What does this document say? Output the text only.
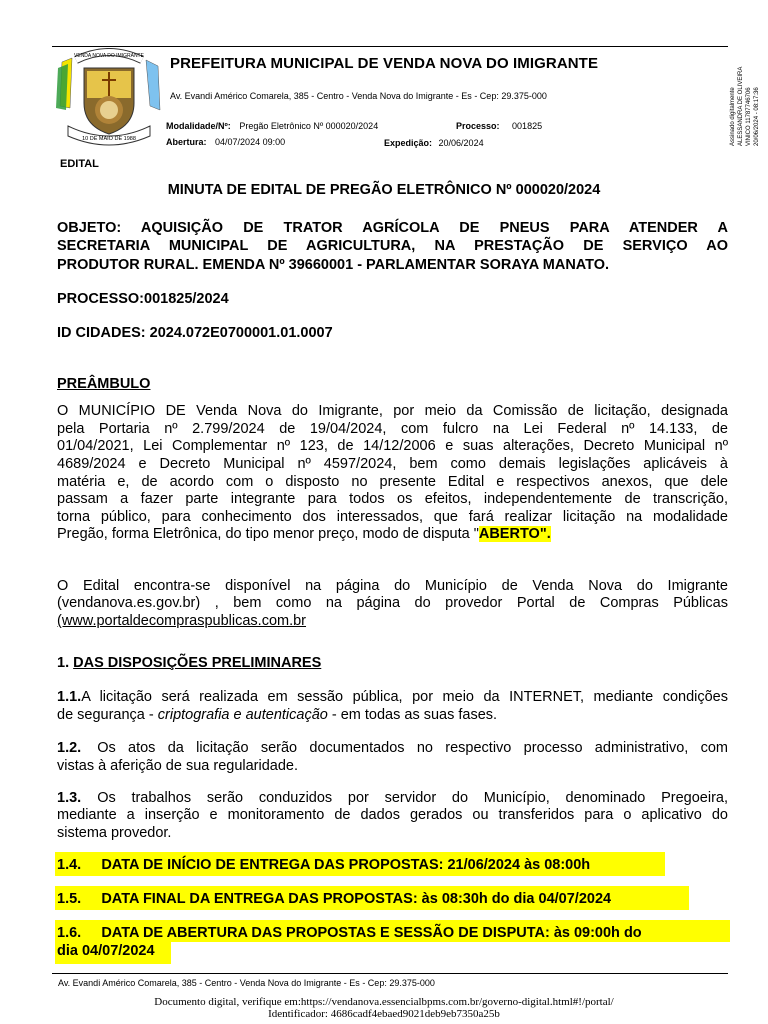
VENDA NOVA DO IMIGRANTE
10 DE MAIO DE 1988
PREFEITURA MUNICIPAL DE VENDA NOVA DO IMIGRANTE
Av. Evandi Américo Comarela, 385 - Centro - Venda Nova do Imigrante - Es - Cep: 29.375-000
Modalidade/Nº: Pregão Eletrônico Nº 000020/2024	Processo: 001825
Abertura: 04/07/2024 09:00	Expedição: 20/06/2024	Assinado digitalmente ALESSANDRA DE OLIVEIRA VINICO 11787746706 20/06/2024 - 08:17:36
EDITAL
MINUTA DE EDITAL DE PREGÃO ELETRÔNICO Nº 000020/2024
OBJETO: AQUISIÇÃO DE TRATOR AGRÍCOLA DE PNEUS PARA ATENDER A
SECRETARIA MUNICIPAL DE AGRICULTURA, NA PRESTAÇÃO DE SERVIÇO AO
PRODUTOR RURAL. EMENDA Nº 39660001 - PARLAMENTAR SORAYA MANATO.
PROCESSO:001825/2024
ID CIDADES: 2024.072E0700001.01.0007
PREÂMBULO
O MUNICÍPIO DE Venda Nova do Imigrante, por meio da Comissão de licitação, designada
pela Portaria nº 2.799/2024 de 19/04/2024, com fulcro na Lei Federal nº 14.133, de
01/04/2021, Lei Complementar nº 123, de 14/12/2006 e suas alterações, Decreto Municipal nº
4689/2024 e Decreto Municipal nº 4597/2024, bem como demais legislações aplicáveis à
matéria e, de acordo com o disposto no presente Edital e respectivos anexos, que dele
passam a fazer parte integrante para todos os efeitos, independentemente de transcrição,
torna público, para conhecimento dos interessados, que fará realizar licitação na modalidade
Pregão, forma Eletrônica, do tipo menor preço, modo de disputa "ABERTO".
O Edital encontra-se disponível na página do Município de Venda Nova do Imigrante
(vendanova.es.gov.br) , bem como na página do provedor Portal de Compras Públicas
(www.portaldecompraspublicas.com.br
1. DAS DISPOSIÇÕES PRELIMINARES
1.1.A licitação será realizada em sessão pública, por meio da INTERNET, mediante condições
de segurança - criptografia e autenticação - em todas as suas fases.
1.2. Os atos da licitação serão documentados no respectivo processo administrativo, com
vistas à aferição de sua regularidade.
1.3. Os trabalhos serão conduzidos por servidor do Município, denominado Pregoeira,
mediante a inserção e monitoramento de dados gerados ou transferidos para o aplicativo do
sistema provedor.
1.4.     DATA DE INÍCIO DE ENTREGA DAS PROPOSTAS: 21/06/2024 às 08:00h
1.5.     DATA FINAL DA ENTREGA DAS PROPOSTAS: às 08:30h do dia 04/07/2024
1.6.     DATA DE ABERTURA DAS PROPOSTAS E SESSÃO DE DISPUTA: às 09:00h do
dia 04/07/2024
Av. Evandi Américo Comarela, 385 - Centro - Venda Nova do Imigrante - Es - Cep: 29.375-000
Documento digital, verifique em:https://vendanova.essencialbpms.com.br/governo-digital.html#!/portal/
Identificador: 4686cadf4ebaed9021deb9eb7350a25b
